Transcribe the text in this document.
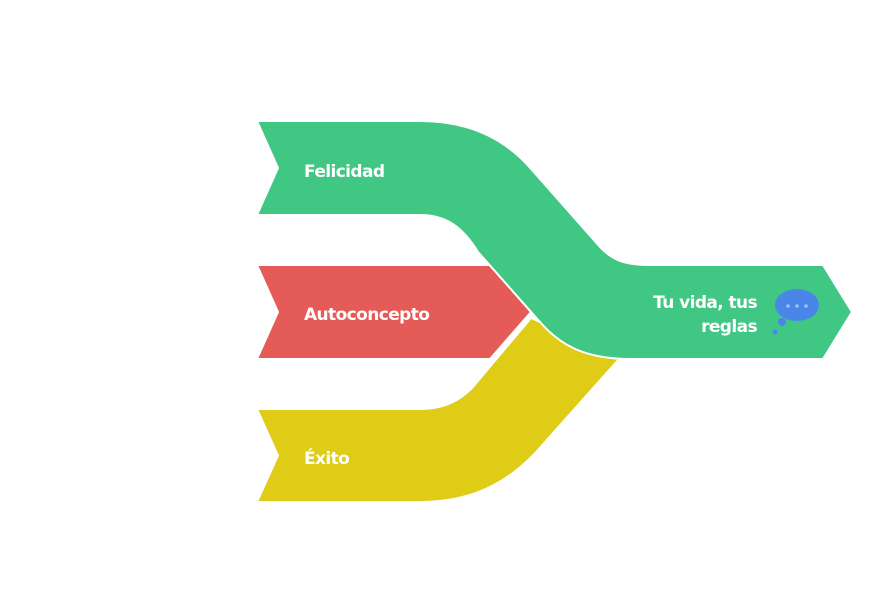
Felicidad
Autoconcepto
Éxito
Tu vida, tus
reglas
